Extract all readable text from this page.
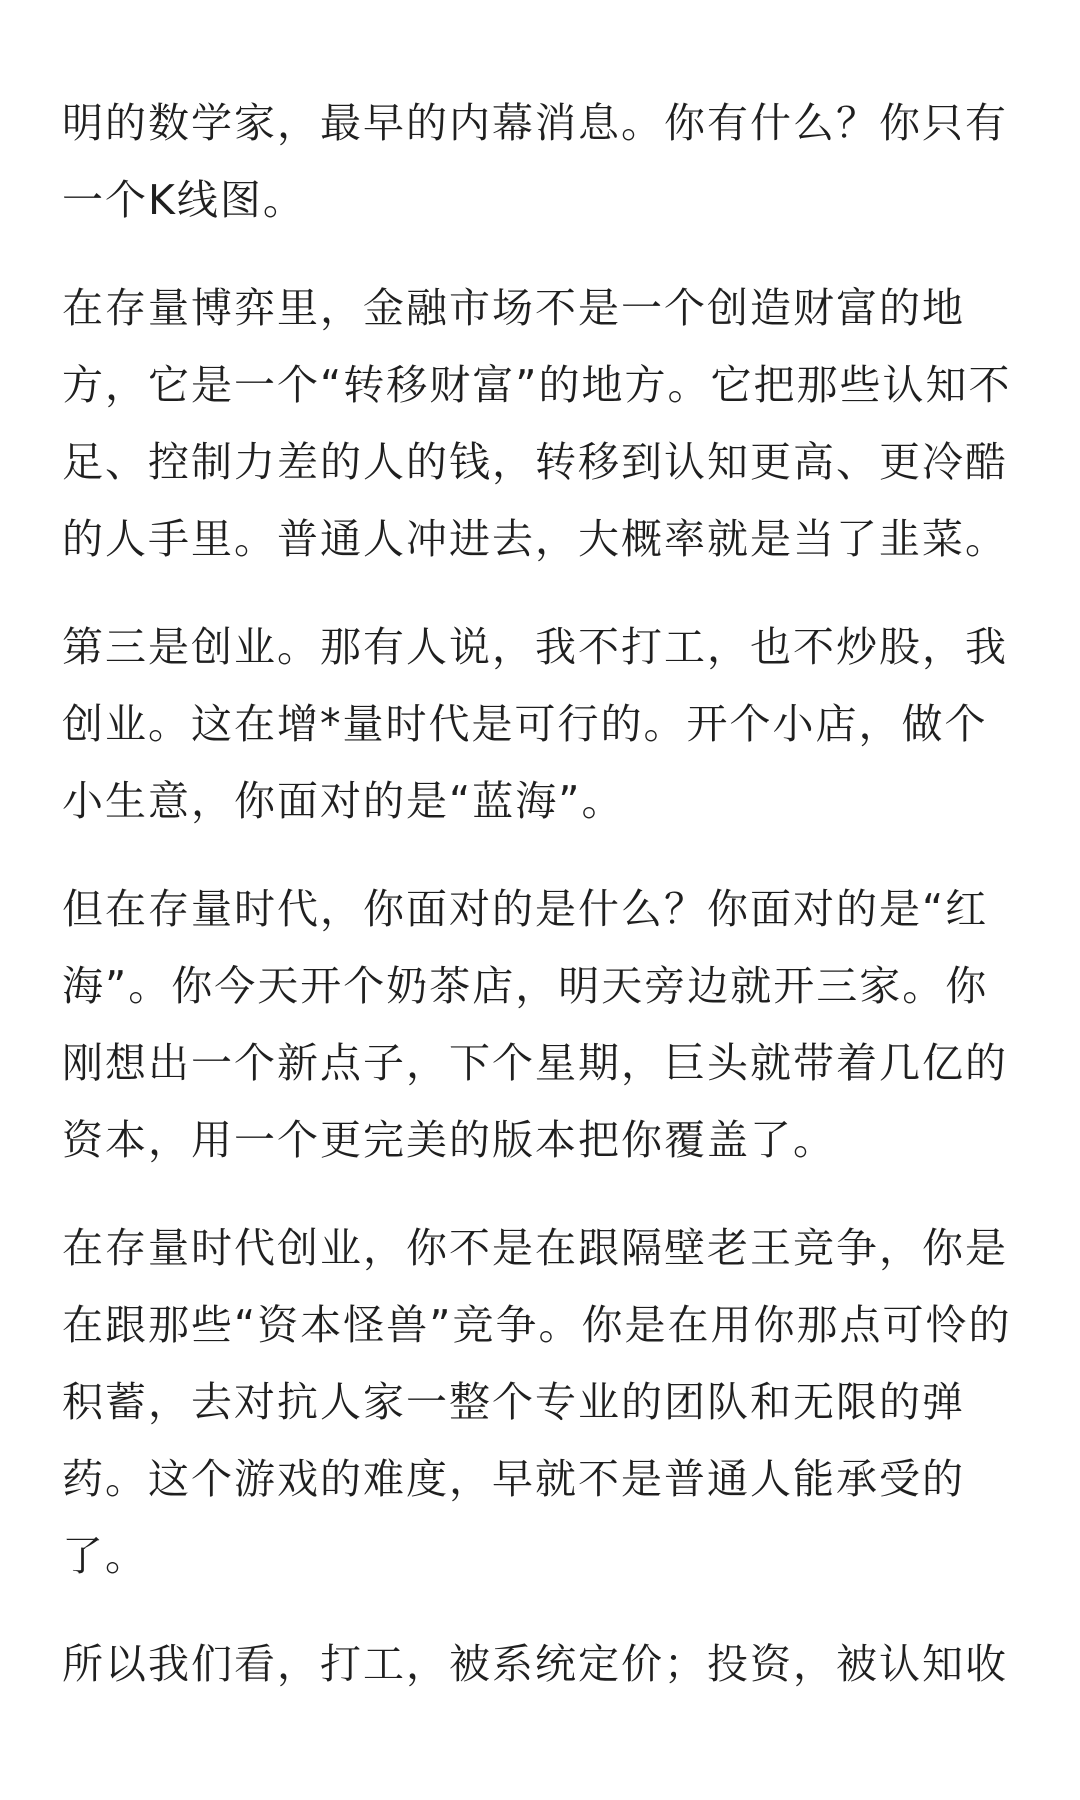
明的数学家，最早的内幕消息。你有什么？你只有一个K线图。

在存量博弈里，金融市场不是一个创造财富的地方，它是一个“转移财富”的地方。它把那些认知不足、控制力差的人的钱，转移到认知更高、更冷酷的人手里。普通人冲进去，大概率就是当了韭菜。

第三是创业。那有人说，我不打工，也不炒股，我创业。这在增*量时代是可行的。开个小店，做个小生意，你面对的是“蓝海”。

但在存量时代，你面对的是什么？你面对的是“红海”。你今天开个奶茶店，明天旁边就开三家。你刚想出一个新点子，下个星期，巨头就带着几亿的资本，用一个更完美的版本把你覆盖了。

在存量时代创业，你不是在跟隔壁老王竞争，你是在跟那些“资本怪兽”竞争。你是在用你那点可怜的积蓄，去对抗人家一整个专业的团队和无限的弹药。这个游戏的难度，早就不是普通人能承受的了。

所以我们看，打工，被系统定价；投资，被认知收
